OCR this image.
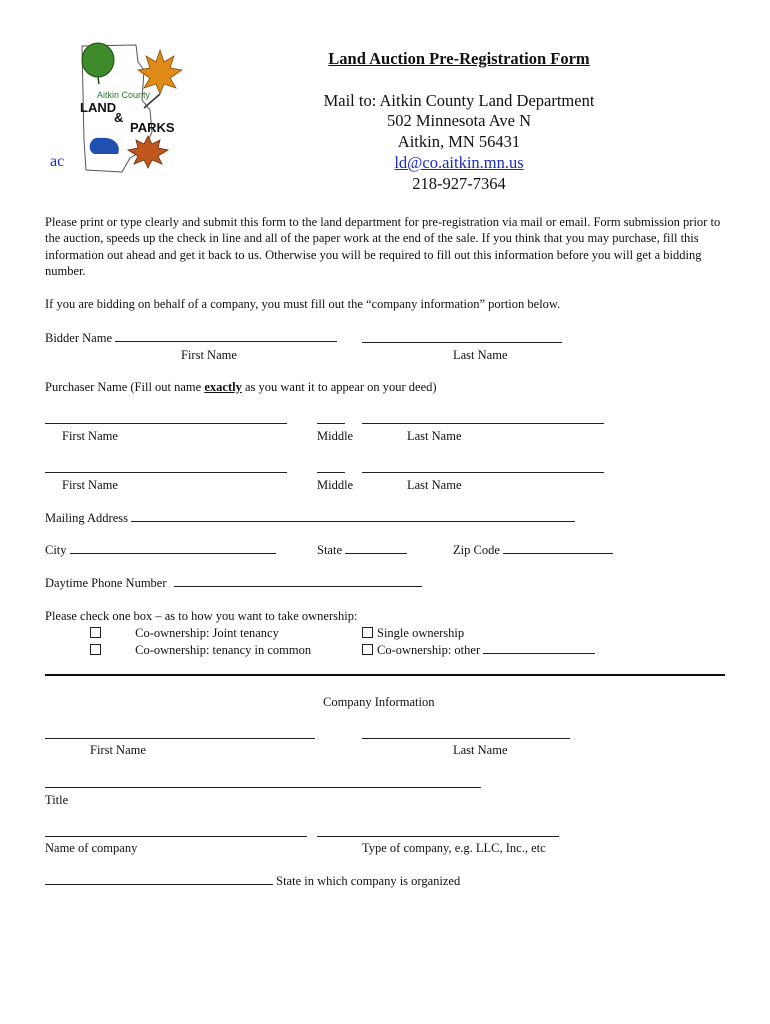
Aitkin County
LAND
&
PARKS
ac
Land Auction Pre-Registration Form
Mail to: Aitkin County Land Department
502 Minnesota Ave N
Aitkin, MN 56431
ld@co.aitkin.mn.us
218-927-7364
Please print or type clearly and submit this form to the land department for pre-registration via mail or email. Form submission prior to the auction, speeds up the check in line and all of the paper work at the end of the sale. If you think that you may purchase, fill this information out ahead and get it back to us. Otherwise you will be required to fill out this information before you will get a bidding number.
If you are bidding on behalf of a company, you must fill out the “company information” portion below.
Bidder Name
First Name	Last Name
Purchaser Name (Fill out name exactly as you want it to appear on your deed)
First Name	Middle	Last Name
First Name	Middle	Last Name
Mailing Address
City	State	Zip Code
Daytime Phone Number
Please check one box – as to how you want to take ownership:
Co-ownership: Joint tenancy
Co-ownership: tenancy in common
Single ownership
Co-ownership: other
Company Information
First Name	Last Name
Title
Name of company	Type of company, e.g. LLC, Inc., etc
State in which company is organized
